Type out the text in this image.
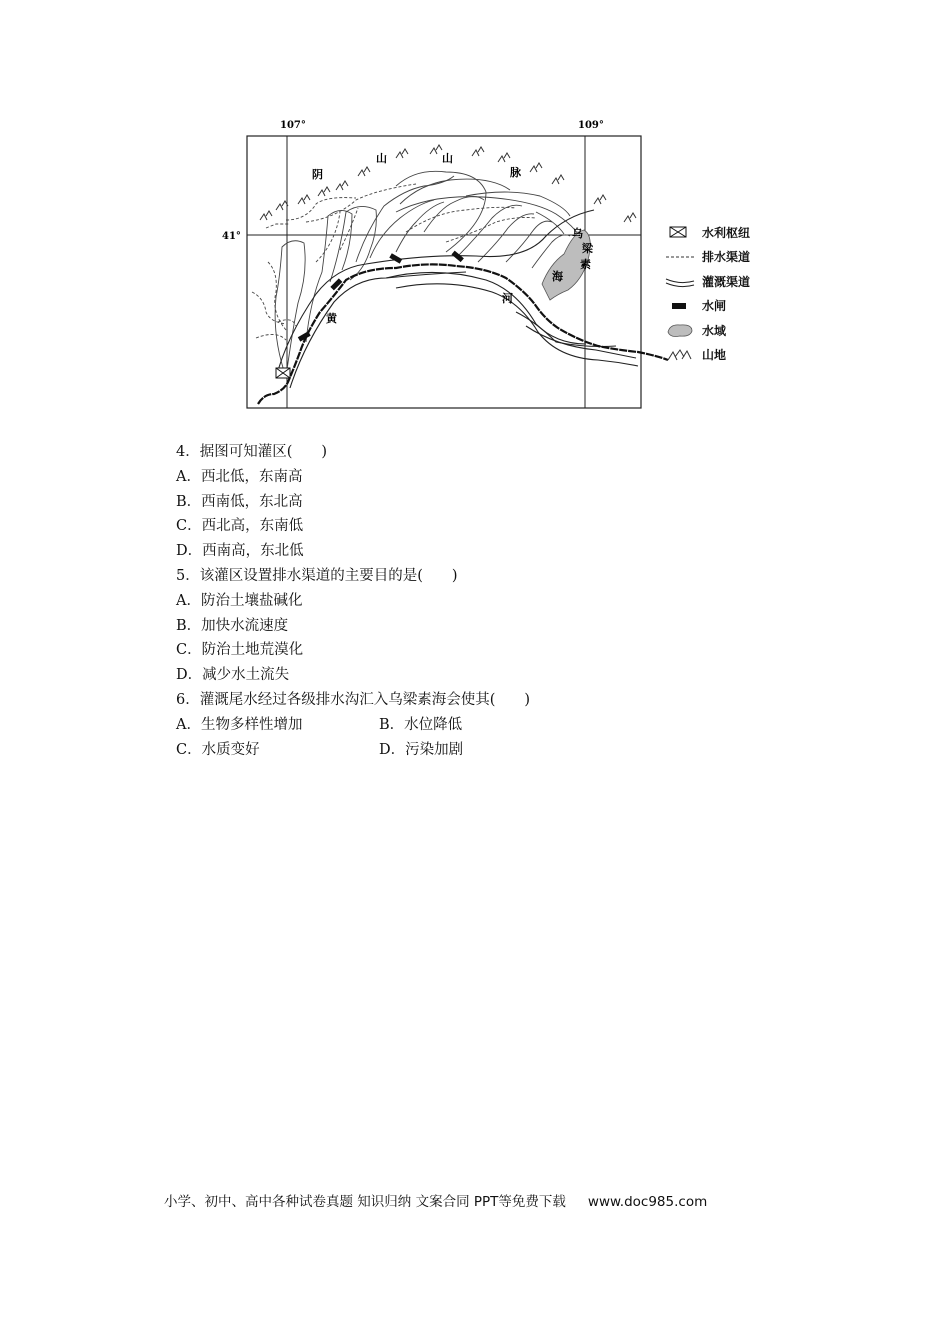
107°	109°
41°
阴
山	山
脉
乌
梁
素
海
黄
河
水利枢纽
排水渠道
灌溉渠道
水闸
水域
山地
4．据图可知灌区(　　)
A．西北低，东南高
B．西南低，东北高
C．西北高，东南低
D．西南高，东北低
5．该灌区设置排水渠道的主要目的是(　　)
A．防治土壤盐碱化
B．加快水流速度
C．防治土地荒漠化
D．减少水土流失
6．灌溉尾水经过各级排水沟汇入乌梁素海会使其(　　)
A．生物多样性增加	B．水位降低
C．水质变好	D．污染加剧
小学、初中、高中各种试卷真题 知识归纳 文案合同 PPT等免费下载 www.doc985.com
